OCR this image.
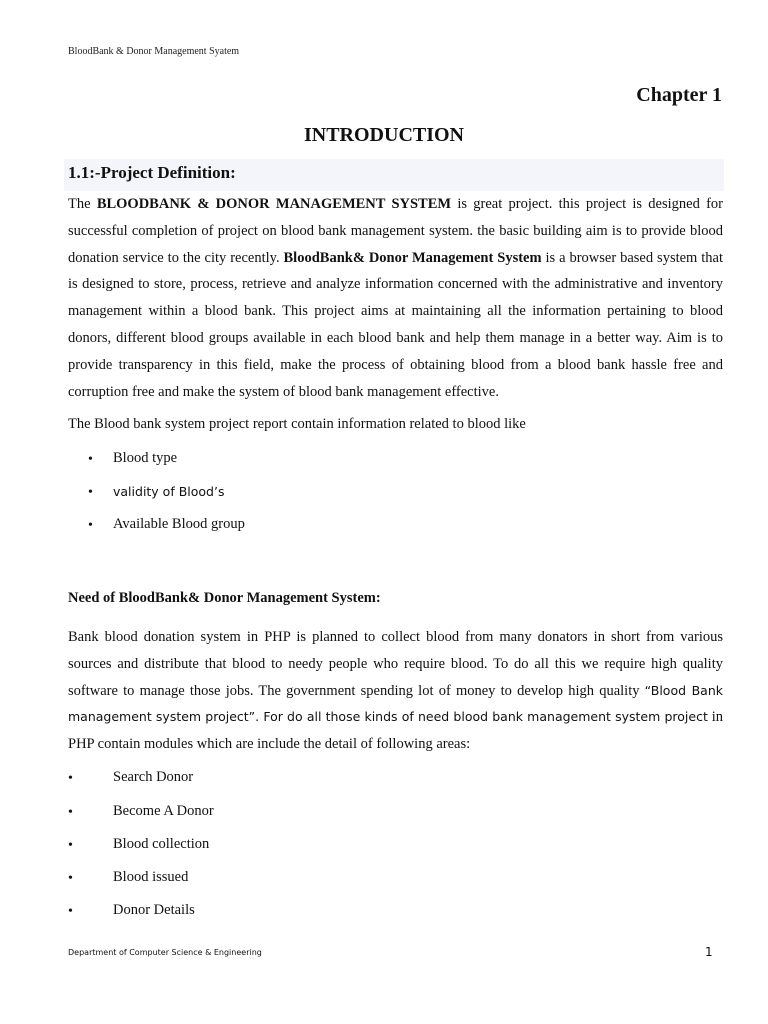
BloodBank & Donor Management Syatem
Chapter 1
INTRODUCTION
1.1:-Project Definition:
The BLOODBANK & DONOR MANAGEMENT SYSTEM is great project. this project is designed for successful completion of project on blood bank management system. the basic building aim is to provide blood donation service to the city recently. BloodBank& Donor Management System is a browser based system that is designed to store, process, retrieve and analyze information concerned with the administrative and inventory management within a blood bank. This project aims at maintaining all the information pertaining to blood donors, different blood groups available in each blood bank and help them manage in a better way. Aim is to provide transparency in this field, make the process of obtaining blood from a blood bank hassle free and corruption free and make the system of blood bank management effective.
The Blood bank system project report contain information related to blood like
• Blood type
• validity of Blood’s
• Available Blood group
Need of BloodBank& Donor Management System:
Bank blood donation system in PHP is planned to collect blood from many donators in short from various sources and distribute that blood to needy people who require blood. To do all this we require high quality software to manage those jobs. The government spending lot of money to develop high quality “Blood Bank management system project”. For do all those kinds of need blood bank management system project in PHP contain modules which are include the detail of following areas:
•	Search Donor
•	Become A Donor
•	Blood collection
•	Blood issued
•	Donor Details
Department of Computer Science & Engineering	1
